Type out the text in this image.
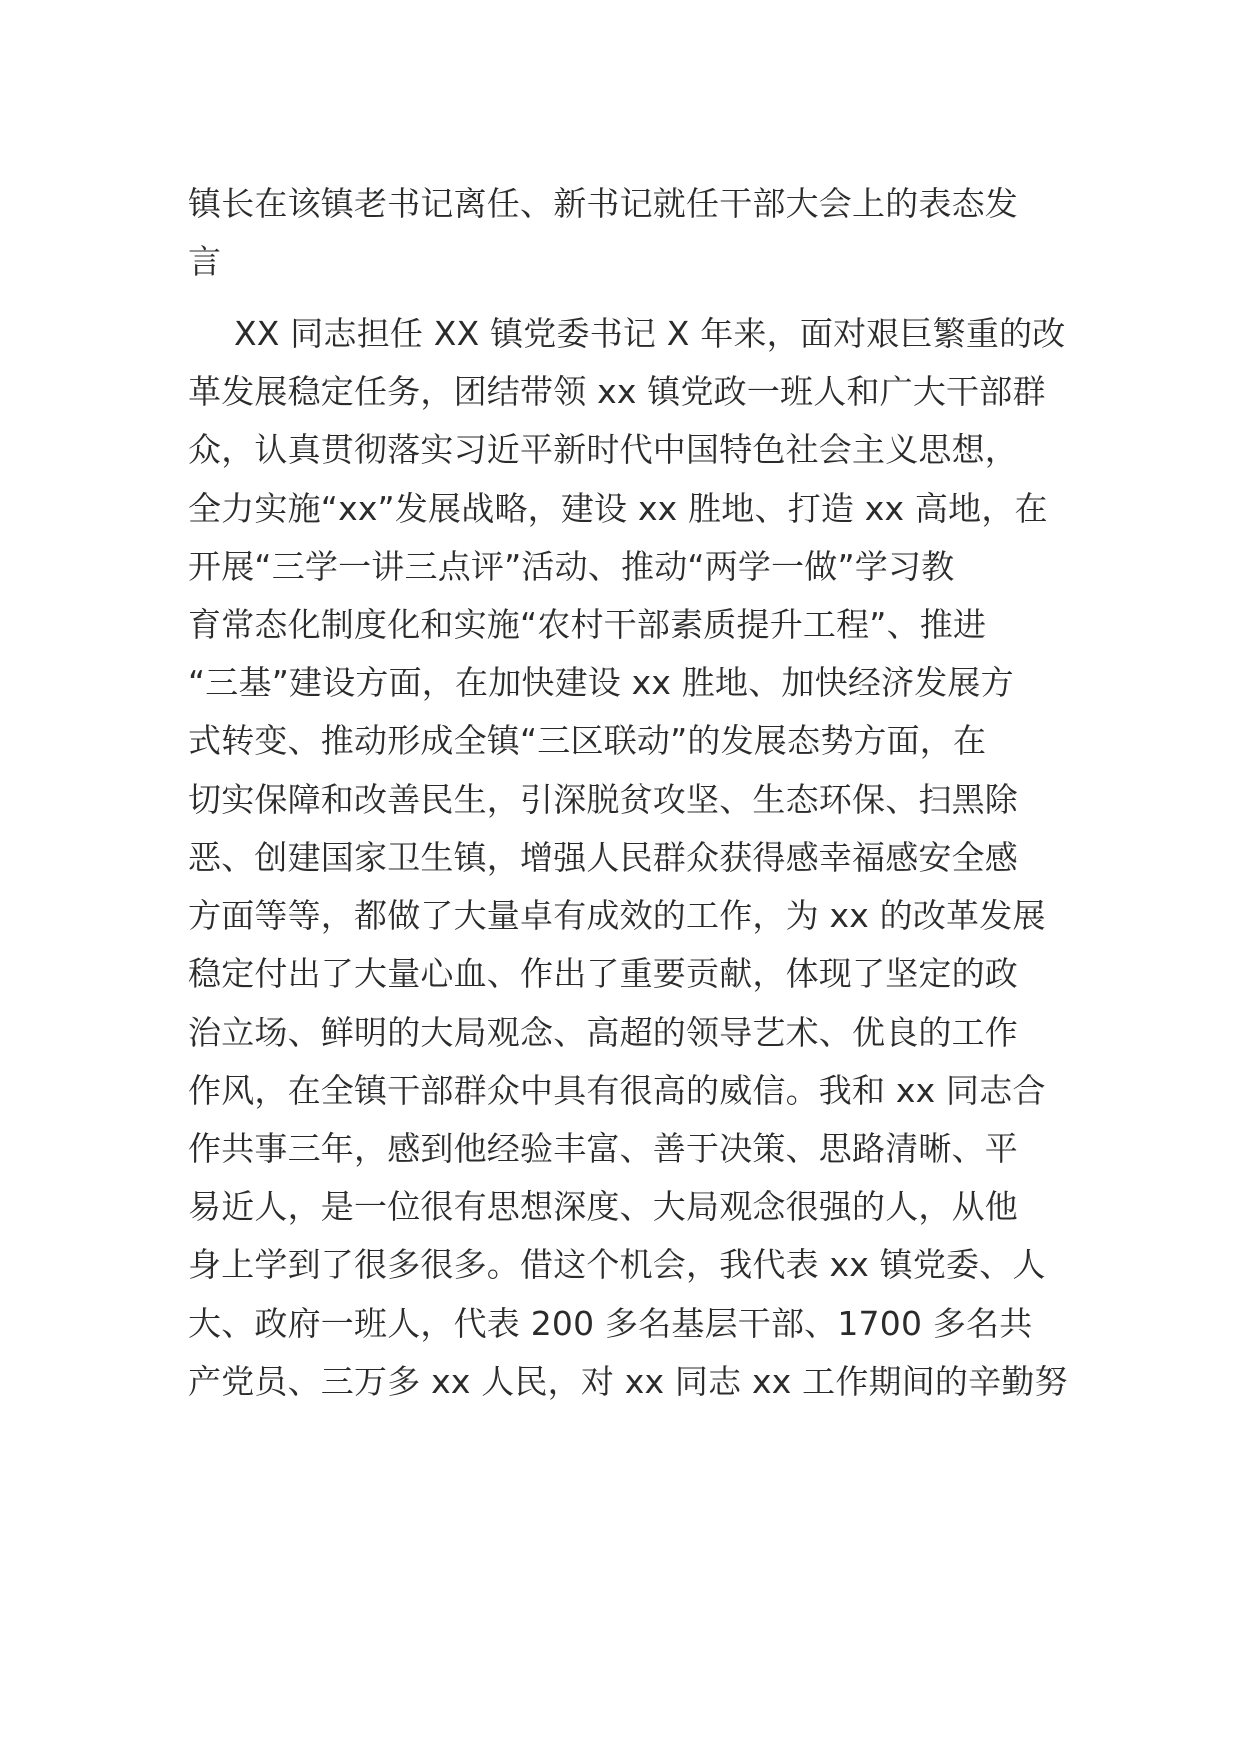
镇长在该镇老书记离任、新书记就任干部大会上的表态发
言
XX 同志担任 XX 镇党委书记 X 年来，面对艰巨繁重的改
革发展稳定任务，团结带领 xx 镇党政一班人和广大干部群
众，认真贯彻落实习近平新时代中国特色社会主义思想，
全力实施“xx”发展战略，建设 xx 胜地、打造 xx 高地，在
开展“三学一讲三点评”活动、推动“两学一做”学习教
育常态化制度化和实施“农村干部素质提升工程”、推进
“三基”建设方面，在加快建设 xx 胜地、加快经济发展方
式转变、推动形成全镇“三区联动”的发展态势方面，在
切实保障和改善民生，引深脱贫攻坚、生态环保、扫黑除
恶、创建国家卫生镇，增强人民群众获得感幸福感安全感
方面等等，都做了大量卓有成效的工作，为 xx 的改革发展
稳定付出了大量心血、作出了重要贡献，体现了坚定的政
治立场、鲜明的大局观念、高超的领导艺术、优良的工作
作风，在全镇干部群众中具有很高的威信。我和 xx 同志合
作共事三年，感到他经验丰富、善于决策、思路清晰、平
易近人，是一位很有思想深度、大局观念很强的人，从他
身上学到了很多很多。借这个机会，我代表 xx 镇党委、人
大、政府一班人，代表 200 多名基层干部、1700 多名共
产党员、三万多 xx 人民，对 xx 同志 xx 工作期间的辛勤努
